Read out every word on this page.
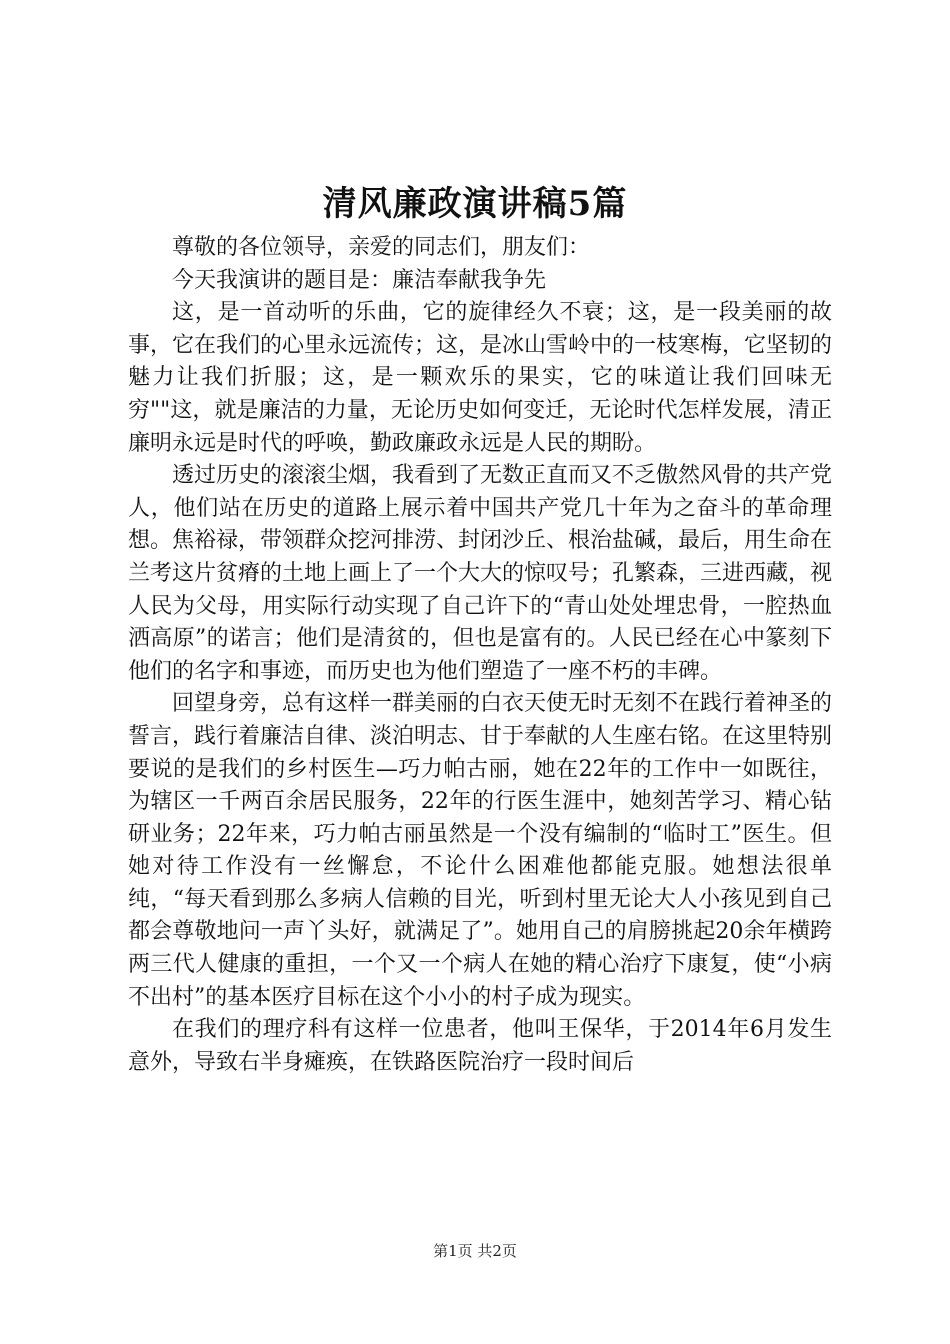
清风廉政演讲稿5篇

尊敬的各位领导，亲爱的同志们，朋友们：

今天我演讲的题目是：廉洁奉献我争先

这，是一首动听的乐曲，它的旋律经久不衰；这，是一段美丽的故事，它在我们的心里永远流传；这，是冰山雪岭中的一枝寒梅，它坚韧的魅力让我们折服；这，是一颗欢乐的果实，它的味道让我们回味无穷""这，就是廉洁的力量，无论历史如何变迁，无论时代怎样发展，清正廉明永远是时代的呼唤，勤政廉政永远是人民的期盼。

透过历史的滚滚尘烟，我看到了无数正直而又不乏傲然风骨的共产党人，他们站在历史的道路上展示着中国共产党几十年为之奋斗的革命理想。焦裕禄，带领群众挖河排涝、封闭沙丘、根治盐碱，最后，用生命在兰考这片贫瘠的土地上画上了一个大大的惊叹号；孔繁森，三进西藏，视人民为父母，用实际行动实现了自己许下的“青山处处埋忠骨，一腔热血洒高原”的诺言；他们是清贫的，但也是富有的。人民已经在心中篆刻下他们的名字和事迹，而历史也为他们塑造了一座不朽的丰碑。

回望身旁，总有这样一群美丽的白衣天使无时无刻不在践行着神圣的誓言，践行着廉洁自律、淡泊明志、甘于奉献的人生座右铭。在这里特别要说的是我们的乡村医生—巧力帕古丽，她在22年的工作中一如既往，为辖区一千两百余居民服务，22年的行医生涯中，她刻苦学习、精心钻研业务；22年来，巧力帕古丽虽然是一个没有编制的“临时工”医生。但她对待工作没有一丝懈怠，不论什么困难他都能克服。她想法很单纯，“每天看到那么多病人信赖的目光，听到村里无论大人小孩见到自己都会尊敬地问一声丫头好，就满足了”。她用自己的肩膀挑起20余年横跨两三代人健康的重担，一个又一个病人在她的精心治疗下康复，使“小病不出村”的基本医疗目标在这个小小的村子成为现实。

在我们的理疗科有这样一位患者，他叫王保华，于2014年6月发生意外，导致右半身瘫痪，在铁路医院治疗一段时间后

第1页 共2页
